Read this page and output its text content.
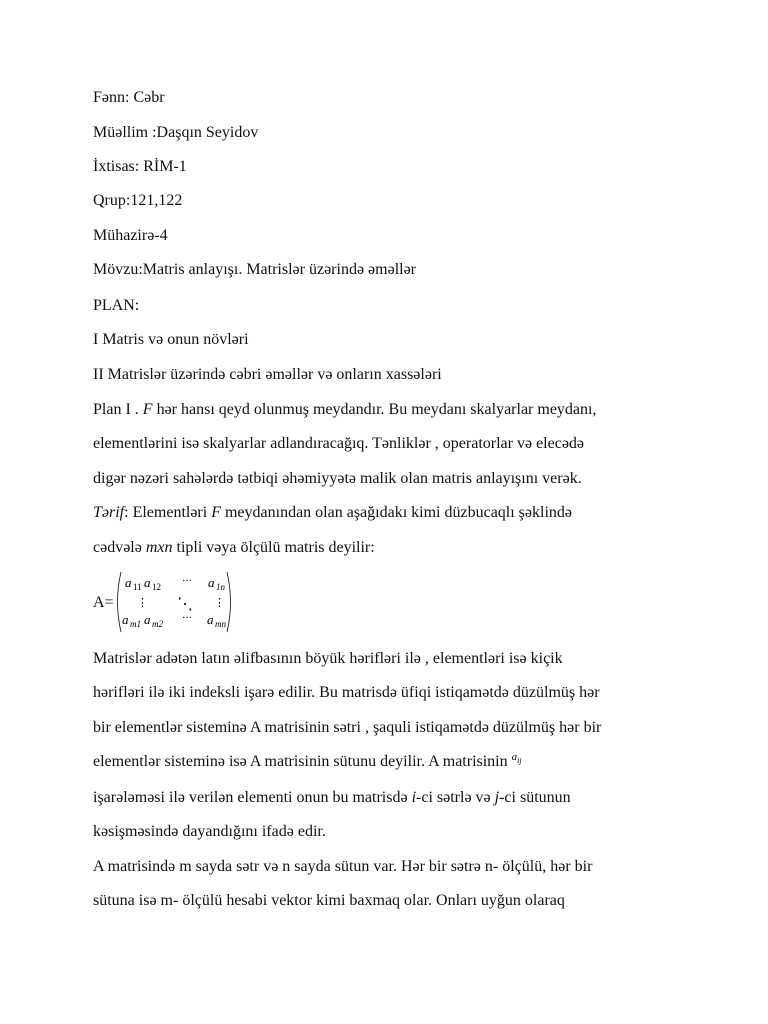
Fənn: Cəbr
Müəllim :Daşqın Seyidov
İxtisas: RİM-1
Qrup:121,122
Mühazirə-4
Mövzu:Matris anlayışı. Matrislər üzərində əməllər
PLAN:
I Matris və onun növləri
II Matrislər üzərində cəbri əməllər və onların xassələri
Plan I . F hər hansı qeyd olunmuş meydandır. Bu meydanı skalyarlar meydanı,
elementlərini isə skalyarlar adlandıracağıq. Tənliklər , operatorlar və elecədə
digər nəzəri sahələrdə tətbiqi əhəmiyyətə malik olan matris anlayışını verək.
Tərif: Elementləri F meydanından olan aşağıdakı kimi düzbucaqlı şəklində
cədvələ mxn tipli vəya ölçülü matris deyilir:
A=
a 11 a 12 ··· a 1n
⋮ ⋱ ⋮
a m1 a m2 ··· a mn
Matrislər adətən latın əlifbasının böyük hərifləri ilə , elementləri isə kiçik
hərifləri ilə iki indeksli işarə edilir. Bu matrisdə üfiqi istiqamətdə düzülmüş hər
bir elementlər sisteminə A matrisinin sətri , şaquli istiqamətdə düzülmüş hər bir
elementlər sisteminə isə A matrisinin sütunu deyilir. A matrisinin $^a$ij
işarələməsi ilə verilən elementi onun bu matrisdə i-ci sətrlə və j-ci sütunun
kəsişməsində dayandığını ifadə edir.
A matrisində m sayda sətr və n sayda sütun var. Hər bir sətrə n- ölçülü, hər bir
sütuna isə m- ölçülü hesabi vektor kimi baxmaq olar. Onları uyğun olaraq
